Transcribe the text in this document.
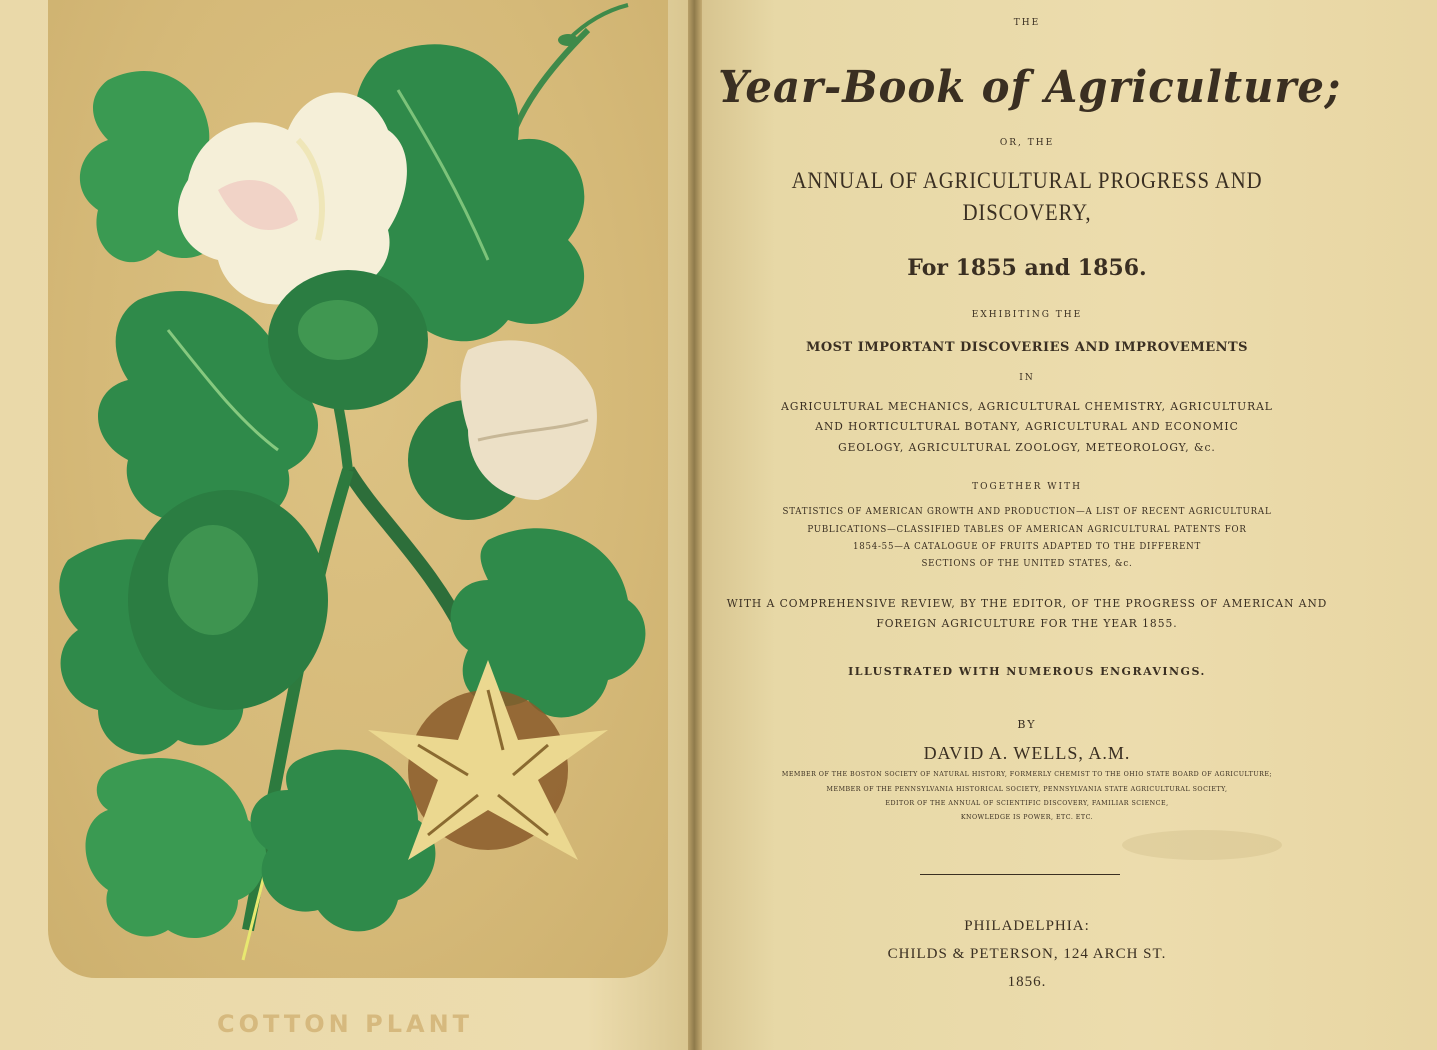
COTTON PLANT
THE
Year-Book of Agriculture;
OR, THE
ANNUAL OF AGRICULTURAL PROGRESS AND
DISCOVERY,
For 1855 and 1856.
EXHIBITING THE
MOST IMPORTANT DISCOVERIES AND IMPROVEMENTS
IN
AGRICULTURAL MECHANICS, AGRICULTURAL CHEMISTRY, AGRICULTURAL
AND HORTICULTURAL BOTANY, AGRICULTURAL AND ECONOMIC
GEOLOGY, AGRICULTURAL ZOOLOGY, METEOROLOGY, &c.
TOGETHER WITH
STATISTICS OF AMERICAN GROWTH AND PRODUCTION—A LIST OF RECENT AGRICULTURAL
PUBLICATIONS—CLASSIFIED TABLES OF AMERICAN AGRICULTURAL PATENTS FOR
1854-55—A CATALOGUE OF FRUITS ADAPTED TO THE DIFFERENT
SECTIONS OF THE UNITED STATES, &c.
WITH A COMPREHENSIVE REVIEW, BY THE EDITOR, OF THE PROGRESS OF AMERICAN AND
FOREIGN AGRICULTURE FOR THE YEAR 1855.
ILLUSTRATED WITH NUMEROUS ENGRAVINGS.
BY
DAVID A. WELLS, A.M.
MEMBER OF THE BOSTON SOCIETY OF NATURAL HISTORY, FORMERLY CHEMIST TO THE OHIO STATE BOARD OF AGRICULTURE;
MEMBER OF THE PENNSYLVANIA HISTORICAL SOCIETY, PENNSYLVANIA STATE AGRICULTURAL SOCIETY,
EDITOR OF THE ANNUAL OF SCIENTIFIC DISCOVERY, FAMILIAR SCIENCE,
KNOWLEDGE IS POWER, ETC. ETC.
PHILADELPHIA:
CHILDS & PETERSON, 124 ARCH ST.
1856.
